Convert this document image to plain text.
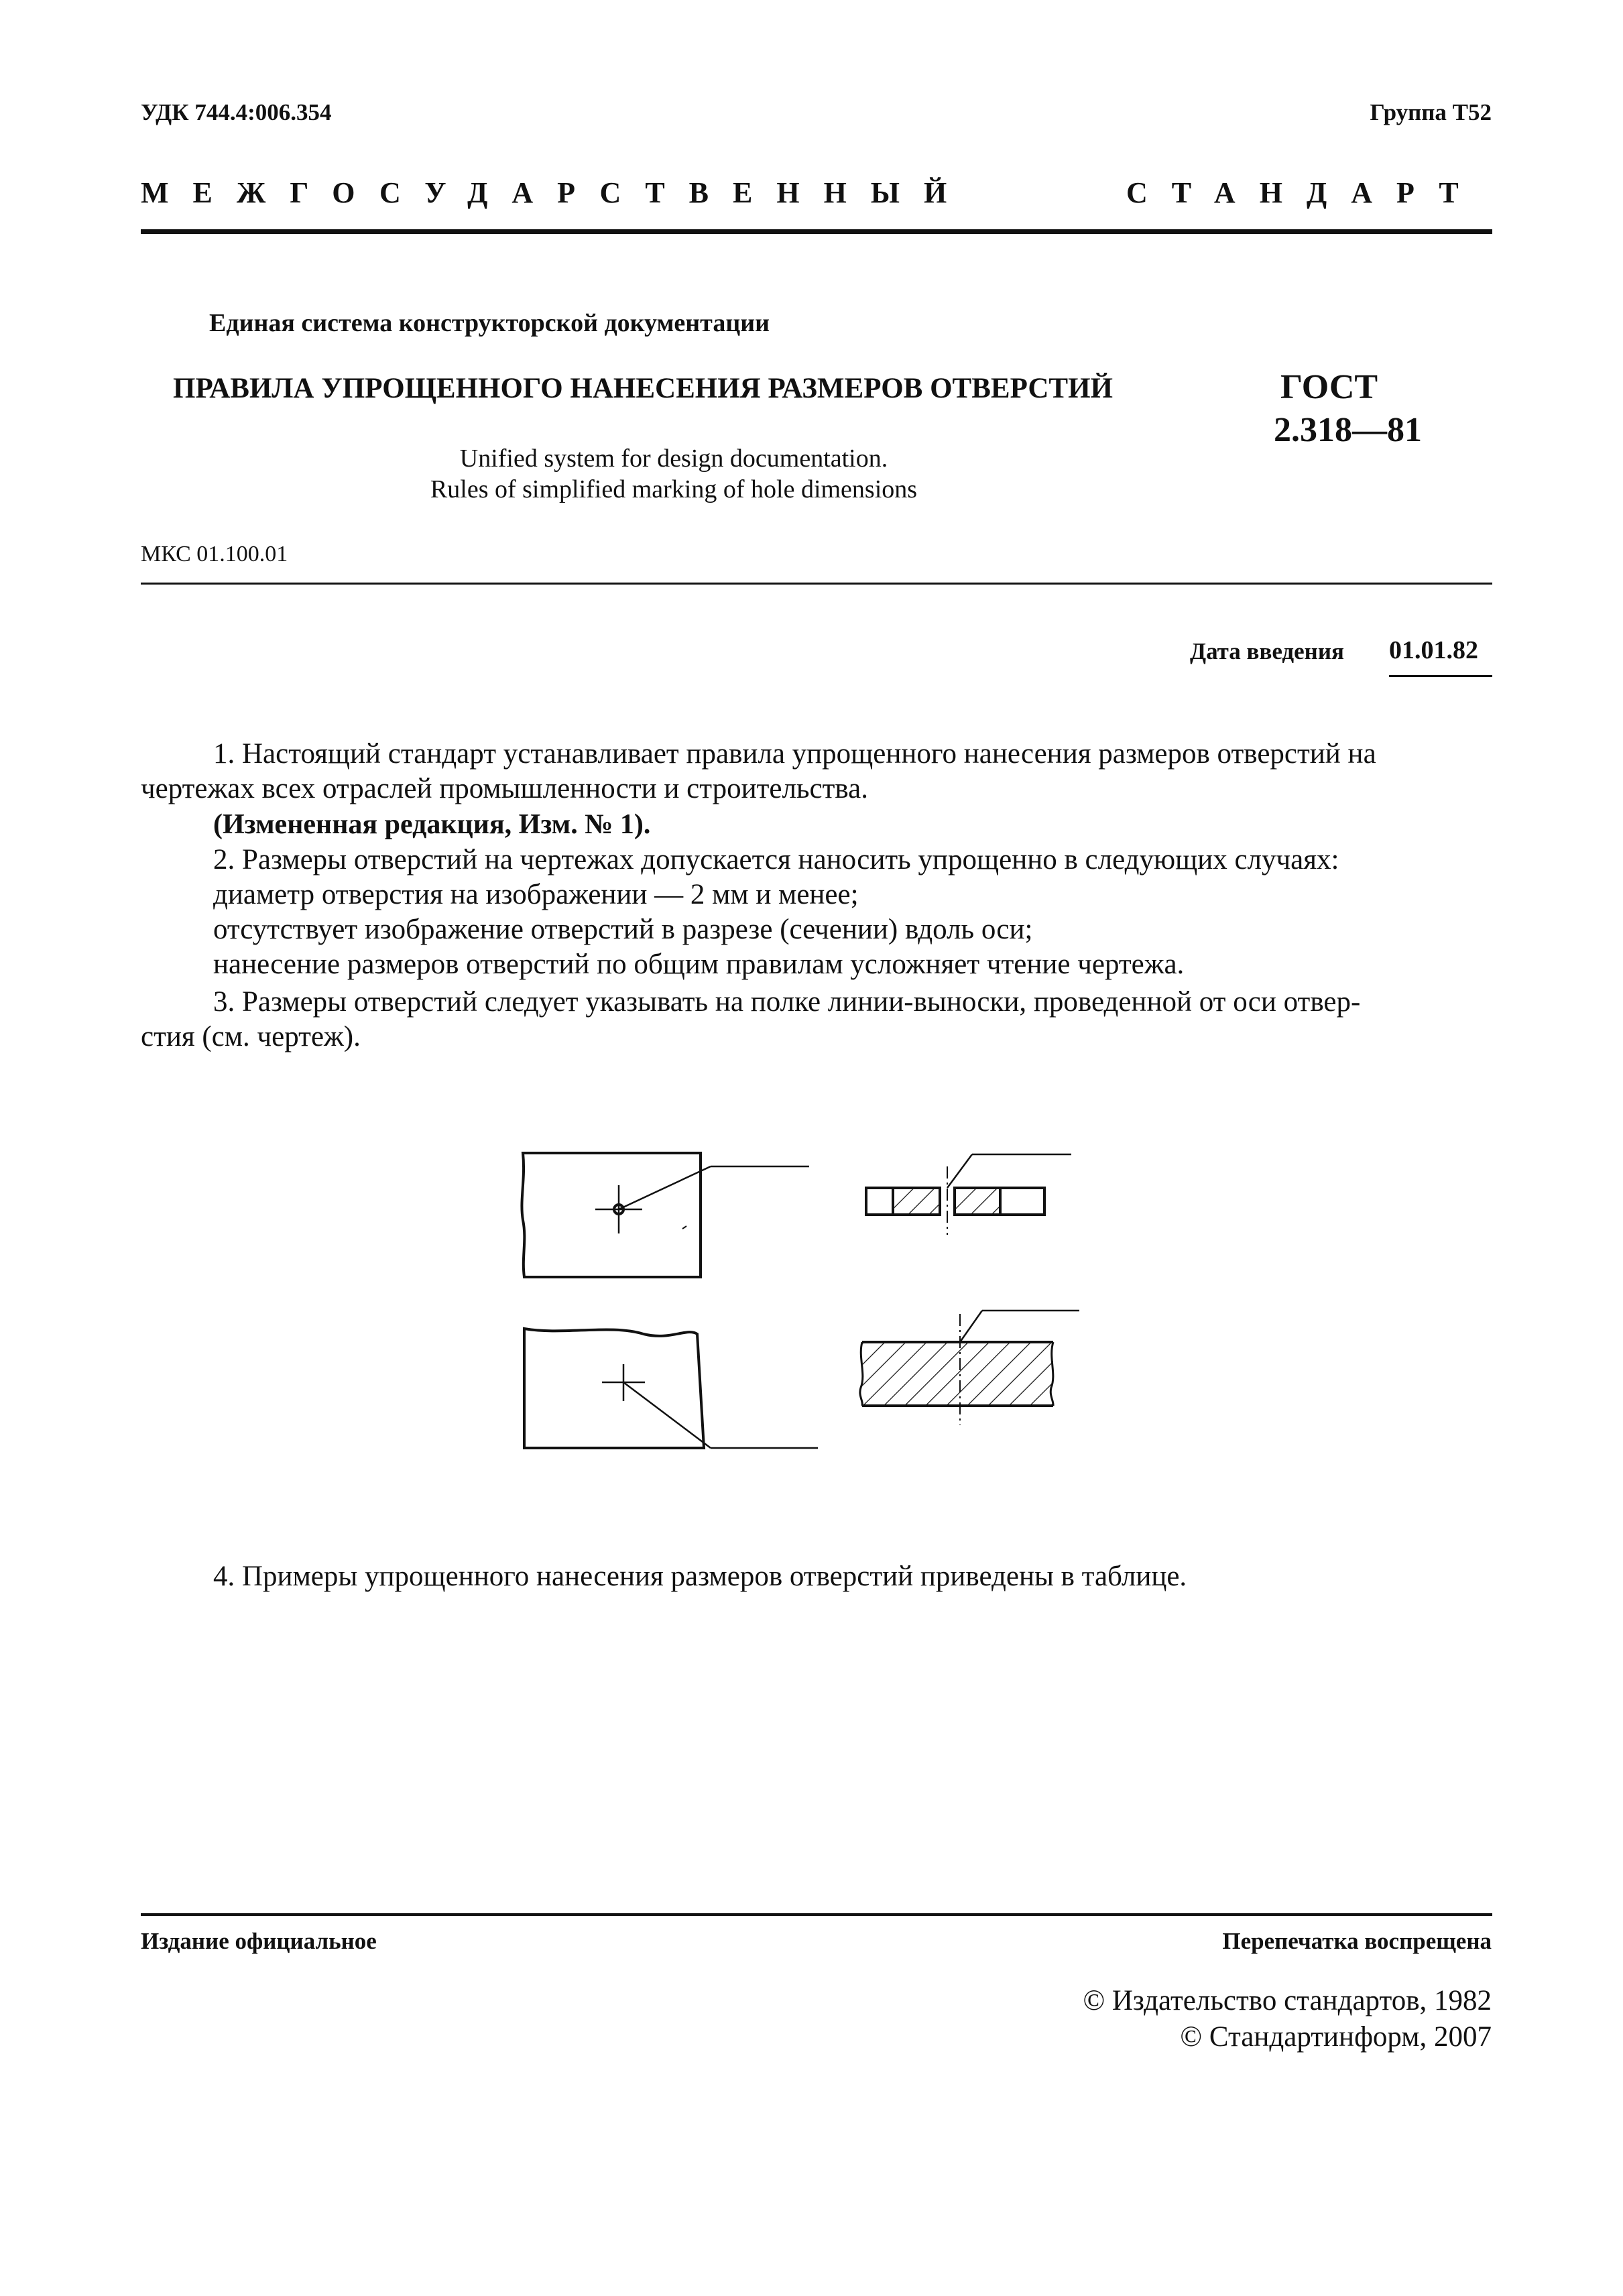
УДК 744.4:006.354	Группа Т52
МЕЖГОСУДАРСТВЕННЫЙ	СТАНДАРТ
Единая система конструкторской документации
ПРАВИЛА УПРОЩЕННОГО НАНЕСЕНИЯ РАЗМЕРОВ ОТВЕРСТИЙ	ГОСТ
2.318—81
Unified system for design documentation.
Rules of simplified marking of hole dimensions
МКС 01.100.01
Дата введения 01.01.82
1. Настоящий стандарт устанавливает правила упрощенного нанесения размеров отверстий на
чертежах всех отраслей промышленности и строительства.
(Измененная редакция, Изм. № 1).
2. Размеры отверстий на чертежах допускается наносить упрощенно в следующих случаях:
диаметр отверстия на изображении — 2 мм и менее;
отсутствует изображение отверстий в разрезе (сечении) вдоль оси;
нанесение размеров отверстий по общим правилам усложняет чтение чертежа.
3. Размеры отверстий следует указывать на полке линии-выноски, проведенной от оси отвер-
стия (см. чертеж).
4. Примеры упрощенного нанесения размеров отверстий приведены в таблице.
Издание официальное	Перепечатка воспрещена
© Издательство стандартов, 1982
© Стандартинформ, 2007
